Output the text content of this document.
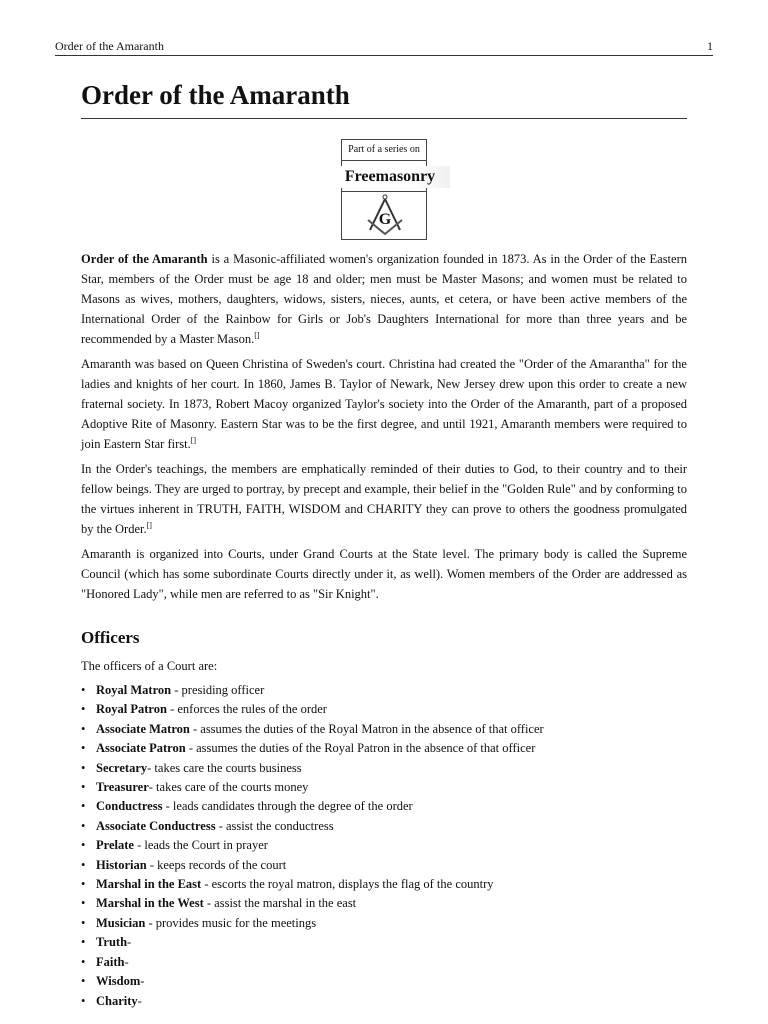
Order of the Amaranth	1
Order of the Amaranth
Part of a series on
Freemasonry
G

Order of the Amaranth is a Masonic-affiliated women's organization founded in 1873. As in the Order of the Eastern Star, members of the Order must be age 18 and older; men must be Master Masons; and women must be related to Masons as wives, mothers, daughters, widows, sisters, nieces, aunts, et cetera, or have been active members of the International Order of the Rainbow for Girls or Job's Daughters International for more than three years and be recommended by a Master Mason.[]

Amaranth was based on Queen Christina of Sweden's court. Christina had created the "Order of the Amarantha" for the ladies and knights of her court. In 1860, James B. Taylor of Newark, New Jersey drew upon this order to create a new fraternal society. In 1873, Robert Macoy organized Taylor's society into the Order of the Amaranth, part of a proposed Adoptive Rite of Masonry. Eastern Star was to be the first degree, and until 1921, Amaranth members were required to join Eastern Star first.[]

In the Order's teachings, the members are emphatically reminded of their duties to God, to their country and to their fellow beings. They are urged to portray, by precept and example, their belief in the "Golden Rule" and by conforming to the virtues inherent in TRUTH, FAITH, WISDOM and CHARITY they can prove to others the goodness promulgated by the Order.[]

Amaranth is organized into Courts, under Grand Courts at the State level. The primary body is called the Supreme Council (which has some subordinate Courts directly under it, as well). Women members of the Order are addressed as "Honored Lady", while men are referred to as "Sir Knight".

Officers

The officers of a Court are:

• Royal Matron - presiding officer
• Royal Patron - enforces the rules of the order
• Associate Matron - assumes the duties of the Royal Matron in the absence of that officer
• Associate Patron - assumes the duties of the Royal Patron in the absence of that officer
• Secretary- takes care the courts business
• Treasurer- takes care of the courts money
• Conductress - leads candidates through the degree of the order
• Associate Conductress - assist the conductress
• Prelate - leads the Court in prayer
• Historian - keeps records of the court
• Marshal in the East - escorts the royal matron, displays the flag of the country
• Marshal in the West - assist the marshal in the east
• Musician - provides music for the meetings
• Truth-
• Faith-
• Wisdom-
• Charity-
